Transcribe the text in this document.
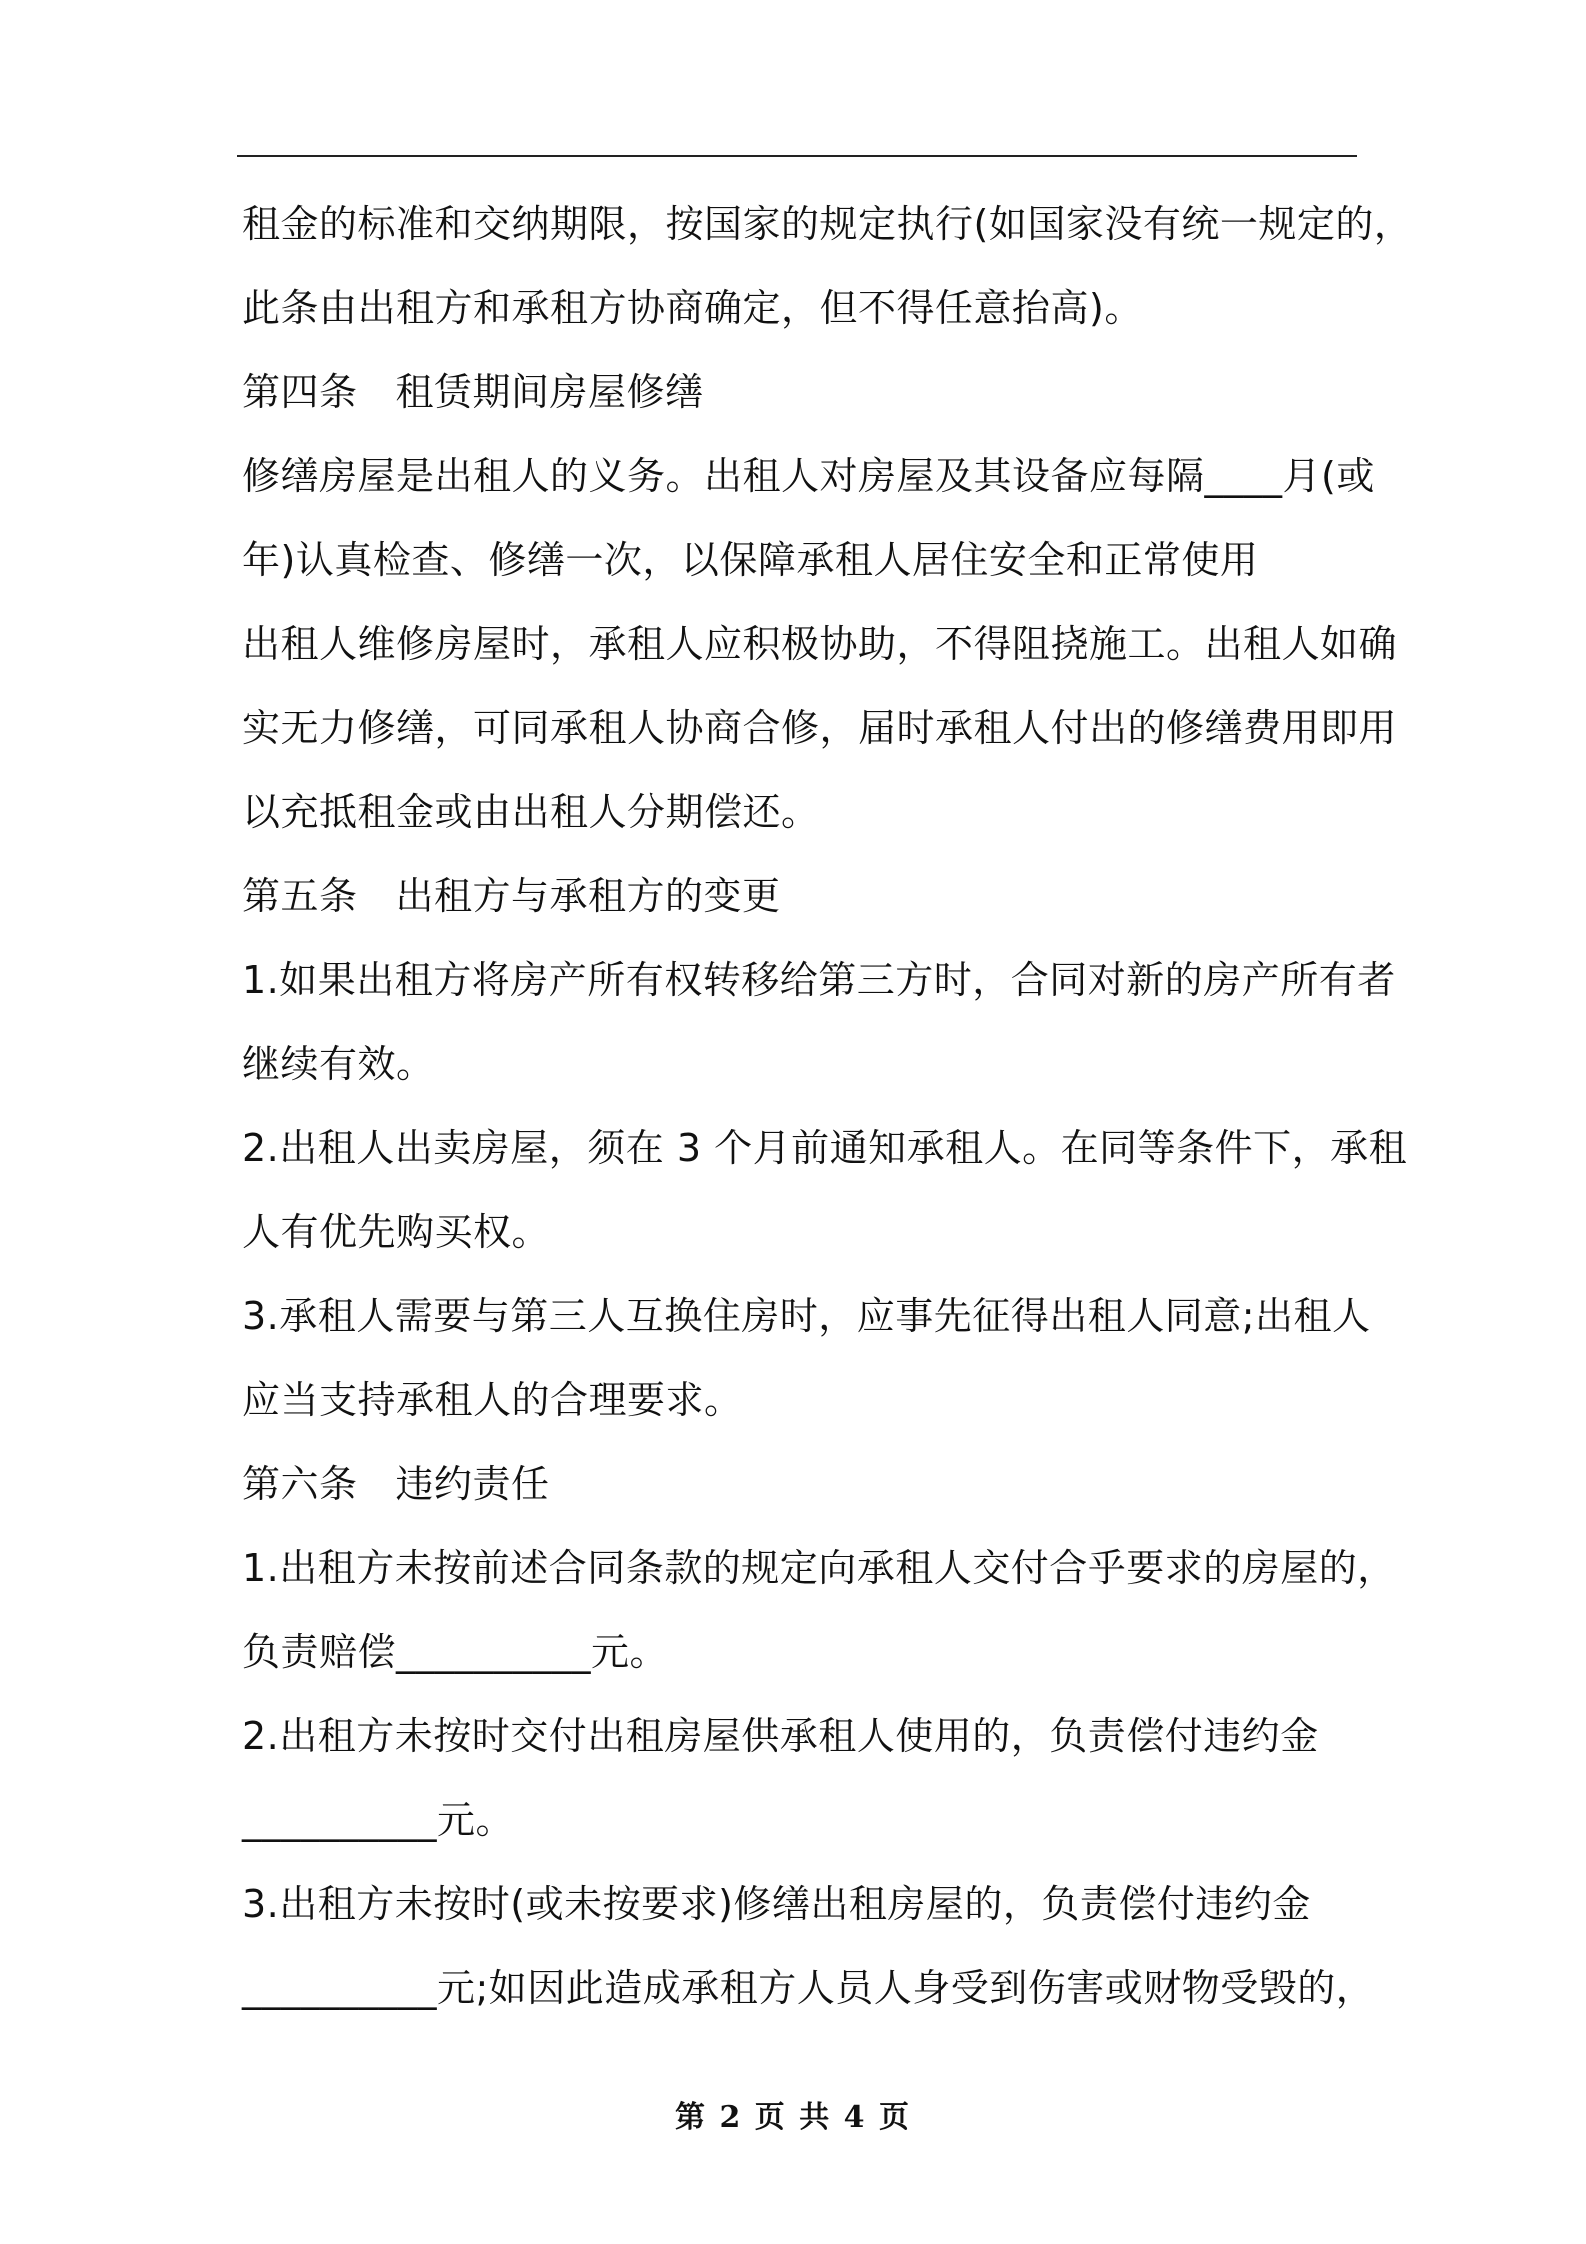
租金的标准和交纳期限，按国家的规定执行(如国家没有统一规定的，
此条由出租方和承租方协商确定，但不得任意抬高)。
第四条 租赁期间房屋修缮
修缮房屋是出租人的义务。出租人对房屋及其设备应每隔____月(或
年)认真检查、修缮一次，以保障承租人居住安全和正常使用
出租人维修房屋时，承租人应积极协助，不得阻挠施工。出租人如确
实无力修缮，可同承租人协商合修，届时承租人付出的修缮费用即用
以充抵租金或由出租人分期偿还。
第五条 出租方与承租方的变更
1.如果出租方将房产所有权转移给第三方时，合同对新的房产所有者
继续有效。
2.出租人出卖房屋，须在 3 个月前通知承租人。在同等条件下，承租
人有优先购买权。
3.承租人需要与第三人互换住房时，应事先征得出租人同意;出租人
应当支持承租人的合理要求。
第六条 违约责任
1.出租方未按前述合同条款的规定向承租人交付合乎要求的房屋的，
负责赔偿__________元。
2.出租方未按时交付出租房屋供承租人使用的，负责偿付违约金
__________元。
3.出租方未按时(或未按要求)修缮出租房屋的，负责偿付违约金
__________元;如因此造成承租方人员人身受到伤害或财物受毁的，
第 2 页 共 4 页
